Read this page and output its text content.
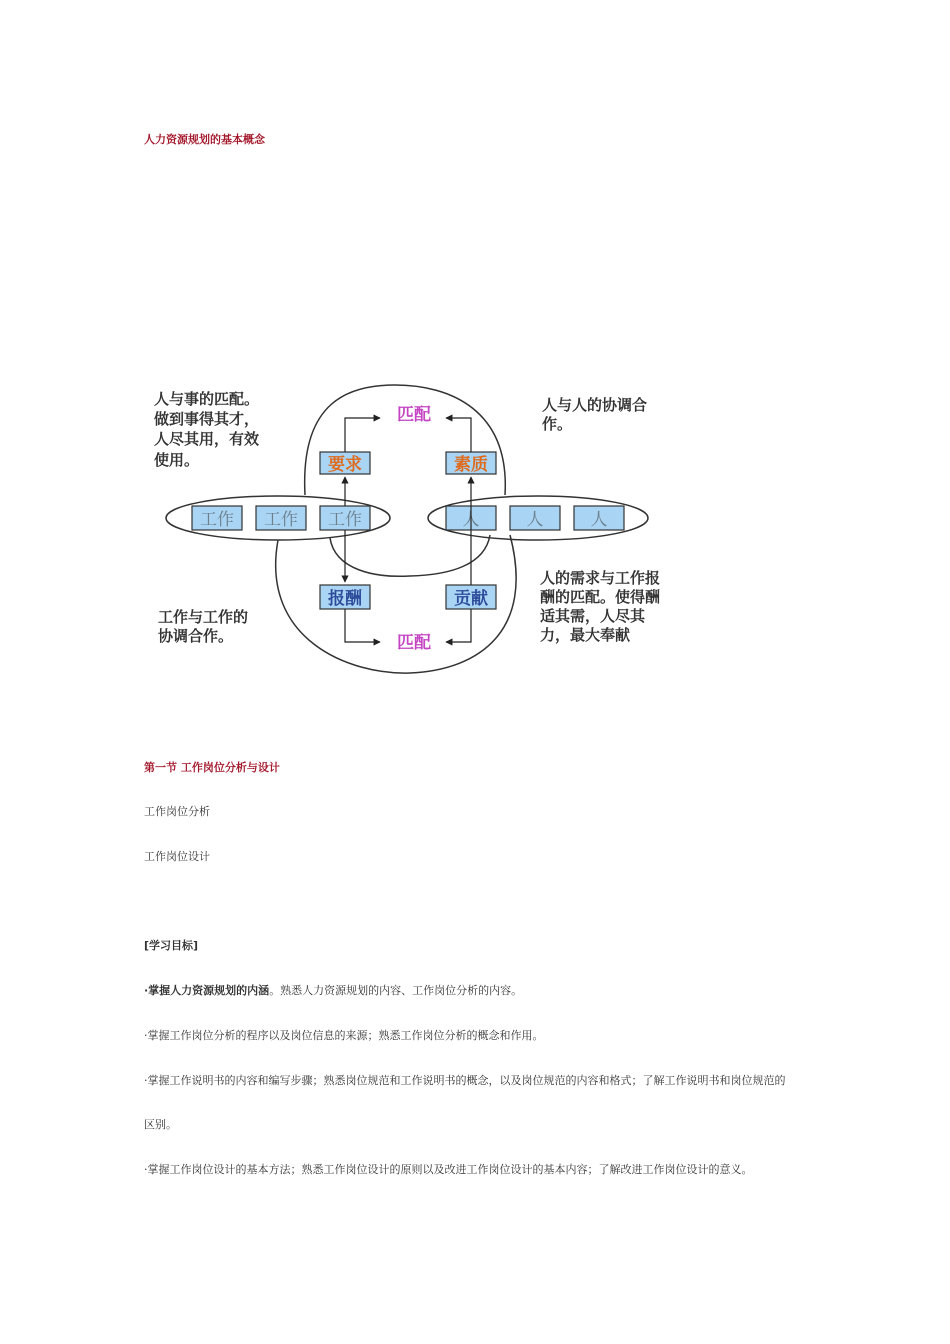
人力资源规划的基本概念
工作 工作 工作	人	人	人
要求	素质
报酬	贡献
匹配
匹配
人与事的匹配。 做到事得其才， 人尽其用，有效 使用。
人与人的协调合 作。
工作与工作的 协调合作。
人的需求与工作报 酬的匹配。使得酬 适其需，人尽其 力，最大奉献
第一节 工作岗位分析与设计
工作岗位分析
工作岗位设计
[学习目标]
·掌握人力资源规划的内涵。熟悉人力资源规划的内容、工作岗位分析的内容。
·掌握工作岗位分析的程序以及岗位信息的来源；熟悉工作岗位分析的概念和作用。
·掌握工作说明书的内容和编写步骤；熟悉岗位规范和工作说明书的概念，以及岗位规范的内容和格式；了解工作说明书和岗位规范的
区别。
·掌握工作岗位设计的基本方法；熟悉工作岗位设计的原则以及改进工作岗位设计的基本内容；了解改进工作岗位设计的意义。
